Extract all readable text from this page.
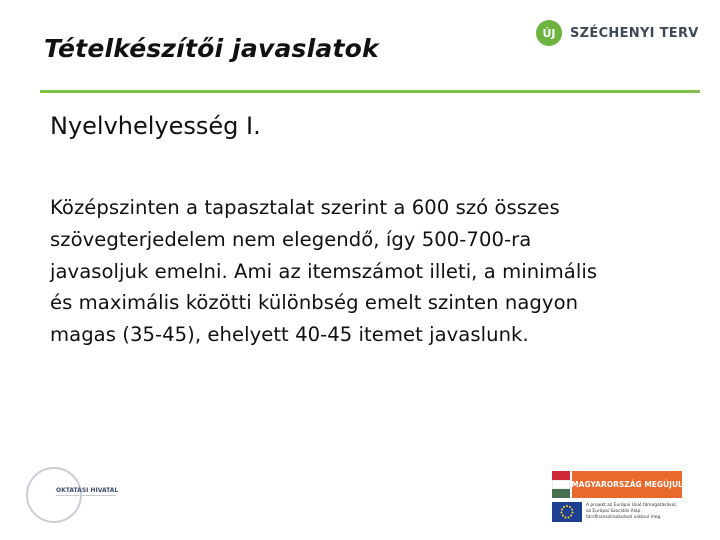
Tételkészítői javaslatok
ÚJ	SZÉCHENYI TERV
Nyelvhelyesség I.
Középszinten a tapasztalat szerint a 600 szó összes
szövegterjedelem nem elegendő, így 500-700-ra
javasoljuk emelni. Ami az itemszámot illeti, a minimális
és maximális közötti különbség emelt szinten nagyon
magas (35-45), ehelyett 40-45 itemet javaslunk.
OKTATÁSI HIVATAL
MAGYARORSZÁG MEGÚJUL
A projekt az Európai Unió támogatásával,
az Európai Szociális Alap
társfinanszírozásával valósul meg
